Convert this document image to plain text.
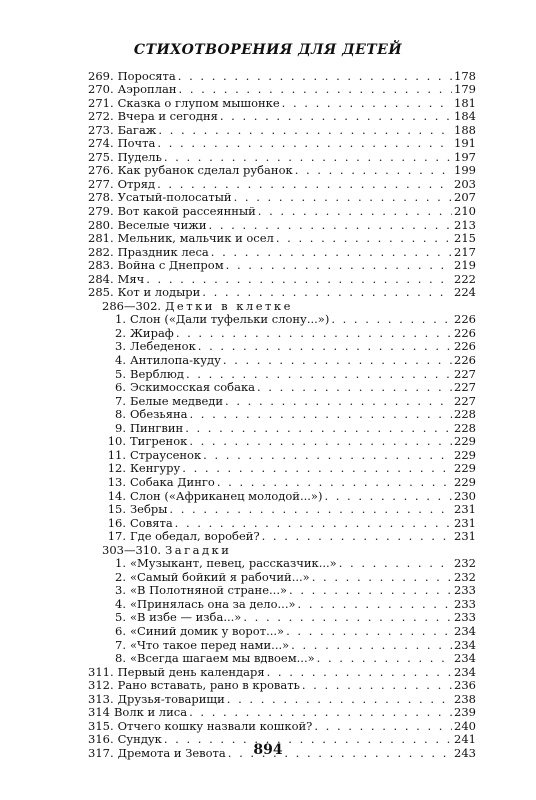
СТИХОТВОРЕНИЯ ДЛЯ ДЕТЕЙ
269. Поросята . . .	178
270. Аэроплан . . .	179
271. Сказка о глупом мышонке . . .	181
272. Вчера и сегодня . . .	184
273. Багаж . . .	188
274. Почта . . .	191
275. Пудель . . .	197
276. Как рубанок сделал рубанок . . .	199
277. Отряд . . .	203
278. Усатый-полосатый . . .	207
279. Вот какой рассеянный . . .	210
280. Веселые чижи . . .	213
281. Мельник, мальчик и осел . . .	215
282. Праздник леса . . .	217
283. Война с Днепром . . .	219
284. Мяч . . .	222
285. Кот и лодыри . . .	224
286—302. Детки в клетке
1. Слон («Дали туфельки слону...») . . .	226
2. Жираф . . .	226
3. Лебеденок . . .	226
4. Антилопа-куду . . .	226
5. Верблюд . . .	227
6. Эскимосская собака . . .	227
7. Белые медведи . . .	227
8. Обезьяна . . .	228
9. Пингвин . . .	228
10. Тигренок . . .	229
11. Страусенок . . .	229
12. Кенгуру . . .	229
13. Собака Динго . . .	229
14. Слон («Африканец молодой...») . . .	230
15. Зебры . . .	231
16. Совята . . .	231
17. Где обедал, воробей? . . .	231
303—310. Загадки
1. «Музыкант, певец, рассказчик...» . . .	232
2. «Самый бойкий я рабочий...» . . .	232
3. «В Полотняной стране...» . . .	233
4. «Принялась она за дело...» . . .	233
5. «В избе — изба...» . . .	233
6. «Синий домик у ворот...» . . .	234
7. «Что такое перед нами...» . . .	234
8. «Всегда шагаем мы вдвоем...» . . .	234
311. Первый день календаря . . .	234
312. Рано вставать, рано в кровать . . .	236
313. Друзья-товарищи . . .	238
314 Волк и лиса . . .	239
315. Отчего кошку назвали кошкой? . . .	240
316. Сундук . . .	241
317. Дремота и Зевота . . .	243
894
